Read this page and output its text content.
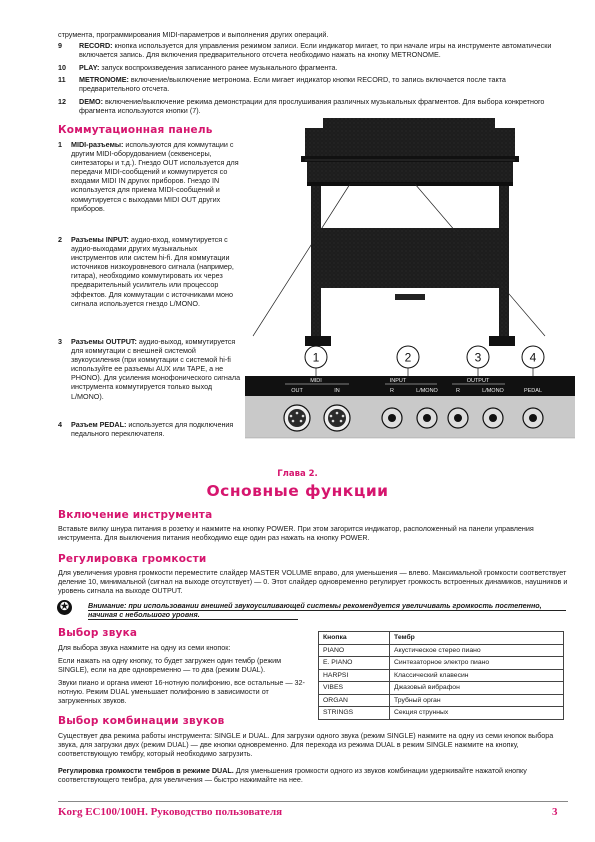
струмента, программирования MIDI-параметров и выполнения других операций.
9	RECORD: кнопка используется для управления режимом записи. Если индикатор мигает, то при начале игры на инструменте автоматически включается запись. Для включения предварительного отсчета необходимо нажать на кнопку METRONOME.
10	PLAY: запуск воспроизведения записанного ранее музыкального фрагмента.
11	METRONOME: включение/выключение метронома. Если мигает индикатор кнопки RECORD, то запись включается после такта предварительного отсчета.
12	DEMO: включение/выключение режима демонстрации для прослушивания различных музыкальных фрагментов. Для выбора конкретного фрагмента используются кнопки (7).
Коммутационная панель
1	MIDI-разъемы: используются для коммутации с другим MIDI-оборудованием (секвенсеры, синтезаторы и т.д.). Гнездо OUT используется для передачи MIDI-сообщений и коммутируется со входами MIDI IN других приборов. Гнездо IN используется для приема MIDI-сообщений и коммутируется с выходами MIDI OUT других приборов.
2	Разъемы INPUT: аудио-вход, коммутируется с аудио-выходами других музыкальных инструментов или систем hi-fi. Для коммутации источников низкоуровневого сигнала (например, гитара), необходимо коммутировать их через предварительный усилитель или процессор эффектов. Для коммутации с источниками моно сигнала используется гнездо L/MONO.
3	Разъемы OUTPUT: аудио-выход, коммутируется для коммутации с внешней системой звукоусиления (при коммутации с системой hi-fi используйте ее разъемы AUX или TAPE, а не PHONO). Для усиления монофонического сигнала инструмента коммутируется только выход L/MONO).
4	Разъем PEDAL: используется для подключения педального переключателя.
1	2	3	4
MIDI	INPUT	OUTPUT
OUT	IN	R	L/MONO	R	L/MONO	PEDAL
Глава 2.
Основные функции
Включение инструмента
Вставьте вилку шнура питания в розетку и нажмите на кнопку POWER. При этом загорится индикатор, расположенный на панели управления инструмента. Для выключения питания необходимо еще один раз нажать на кнопку POWER.
Регулировка громкости
Для увеличения уровня громкости переместите слайдер MASTER VOLUME вправо, для уменьшения — влево. Максимальной громкости соответствует деление 10, минимальной (сигнал на выходе отсутствует) — 0. Этот слайдер одновременно регулирует громкость встроенных динамиков, наушников и уровень сигнала на выходе OUTPUT.
✪	Внимание: при использовании внешней звукоусиливающей системы рекомендуется увеличивать громкость постепенно, начиная с небольшого уровня.
Выбор звука
Для выбора звука нажмите на одну из семи кнопок:
Если нажать на одну кнопку, то будет загружен один тембр (режим SINGLE), если на две одновременно — то два (режим DUAL).
Звуки пиано и органа имеют 16-нотную полифонию, все остальные — 32-нотную. Режим DUAL уменьшает полифонию в зависимости от загруженных звуков.
Кнопка	Тембр
PIANO	Акустическое стерео пиано
E. PIANO	Синтезаторное электро пиано
HARPSI	Классический клавесин
VIBES	Джазовый вибрафон
ORGAN	Трубный орган
STRINGS	Секция струнных
Выбор комбинации звуков
Существует два режима работы инструмента: SINGLE и DUAL. Для загрузки одного звука (режим SINGLE) нажмите на одну из семи кнопок выбора звука, для загрузки двух (режим DUAL) — две кнопки одновременно. Для перехода из режима DUAL в режим SINGLE нажмите на кнопку, соответствующую тембру, который необходимо загрузить.
Регулировка громкости тембров в режиме DUAL. Для уменьшения громкости одного из звуков комбинации удерживайте нажатой кнопку соответствующего тембра, для увеличения — быстро нажимайте на нее.
Korg EC100/100H. Руководство пользователя	3
